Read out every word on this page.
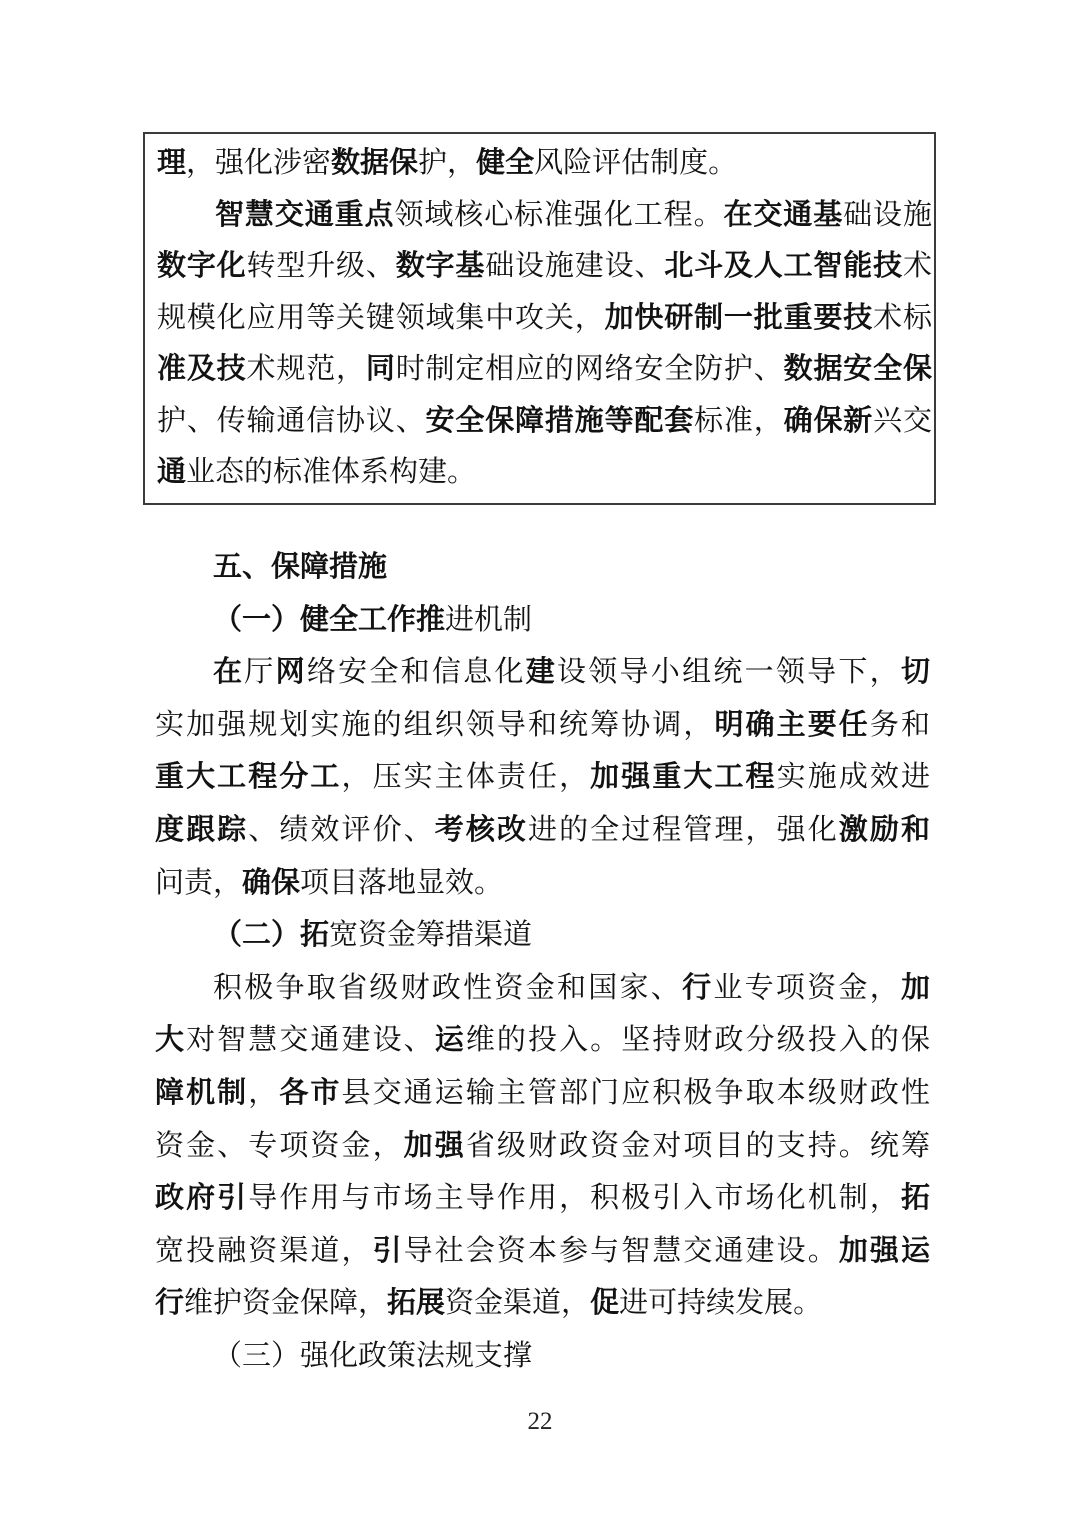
理，强化涉密数据保护，健全风险评估制度。
智慧交通重点领域核心标准强化工程。在交通基础设施
数字化转型升级、数字基础设施建设、北斗及人工智能技术
规模化应用等关键领域集中攻关，加快研制一批重要技术标
准及技术规范，同时制定相应的网络安全防护、数据安全保
护、传输通信协议、安全保障措施等配套标准，确保新兴交
通业态的标准体系构建。
五、保障措施
（一）健全工作推进机制
在厅网络安全和信息化建设领导小组统一领导下，切
实加强规划实施的组织领导和统筹协调，明确主要任务和
重大工程分工，压实主体责任，加强重大工程实施成效进
度跟踪、绩效评价、考核改进的全过程管理，强化激励和
问责，确保项目落地显效。
（二）拓宽资金筹措渠道
积极争取省级财政性资金和国家、行业专项资金，加
大对智慧交通建设、运维的投入。坚持财政分级投入的保
障机制，各市县交通运输主管部门应积极争取本级财政性
资金、专项资金，加强省级财政资金对项目的支持。统筹
政府引导作用与市场主导作用，积极引入市场化机制，拓
宽投融资渠道，引导社会资本参与智慧交通建设。加强运
行维护资金保障，拓展资金渠道，促进可持续发展。
（三）强化政策法规支撑
22
